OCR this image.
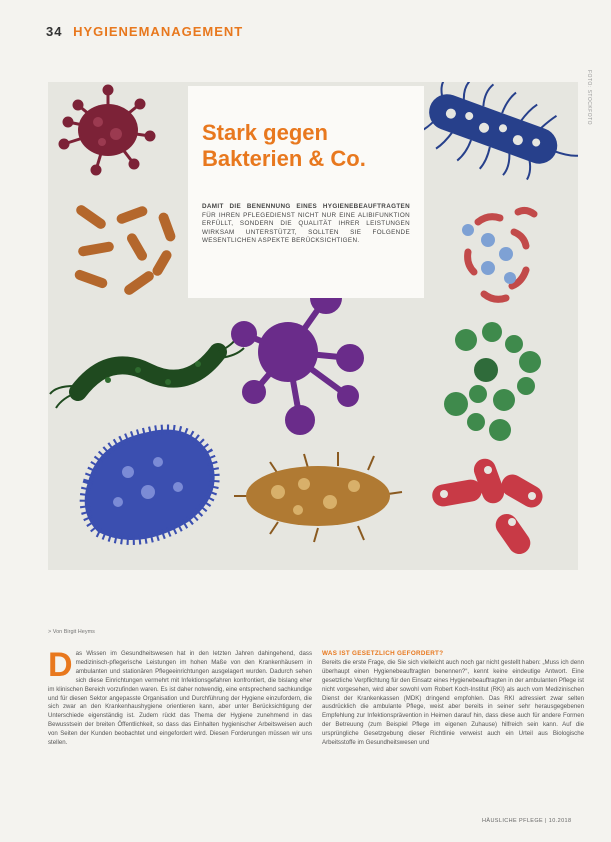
34 HYGIENEMANAGEMENT
FOTO: STOCKFOTO
Stark gegen
Bakterien & Co.
DAMIT DIE BENENNUNG EINES HYGIENEBEAUFTRAGTEN FÜR IHREN PFLEGEDIENST NICHT NUR EINE ALIBIFUNKTION ERFÜLLT, SONDERN DIE QUALITÄT IHRER LEISTUNGEN WIRKSAM UNTERSTÜTZT, SOLLTEN SIE FOLGENDE WESENTLICHEN ASPEKTE BERÜCKSICHTIGEN.
> Von Birgit Heyms
D as Wissen im Gesundheitswesen hat in den letzten Jahren dahingehend, dass medizinisch-pflegerische Leistungen im hohen Maße von den Krankenhäusern in ambulanten und stationären Pflegeeinrichtungen ausgelagert wurden. Dadurch sehen sich diese Einrichtungen vermehrt mit Infektionsgefahren konfrontiert, die bislang eher im klinischen Bereich vorzufinden waren. Es ist daher notwendig, eine entsprechend sachkundige und für diesen Sektor angepasste Organisation und Durchführung der Hygiene einzufordern, die sich zwar an den Krankenhaushygiene orientieren kann, aber unter Berücksichtigung der Unterschiede eigenständig ist. Zudem rückt das Thema der Hygiene zunehmend in das Bewusstsein der breiten Öffentlichkeit, so dass das Einhalten hygienischer Arbeitsweisen auch von Seiten der Kunden beobachtet und eingefordert wird. Diesen Forderungen müssen wir uns stellen.
WAS IST GESETZLICH GEFORDERT?
Bereits die erste Frage, die Sie sich vielleicht auch noch gar nicht gestellt haben: „Muss ich denn überhaupt einen Hygienebeauftragten benennen?“, kennt keine eindeutige Antwort. Eine gesetzliche Verpflichtung für den Einsatz eines Hygienebeauftragten in der ambulanten Pflege ist nicht vorgesehen, wird aber sowohl vom Robert Koch-Institut (RKI) als auch vom Medizinischen Dienst der Krankenkassen (MDK) dringend empfohlen. Das RKI adressiert zwar selten ausdrücklich die ambulante Pflege, weist aber bereits in seiner sehr herausgegebenen Empfehlung zur Infektionsprävention in Heimen darauf hin, dass diese auch für andere Formen der Betreuung (zum Beispiel Pflege im eigenen Zuhause) hilfreich sein kann. Auf die ursprüngliche Gesetzgebung dieser Richtlinie verweist auch ein Urteil aus Biologische Arbeitsstoffe im Gesundheitswesen und
HÄUSLICHE PFLEGE | 10.2018
